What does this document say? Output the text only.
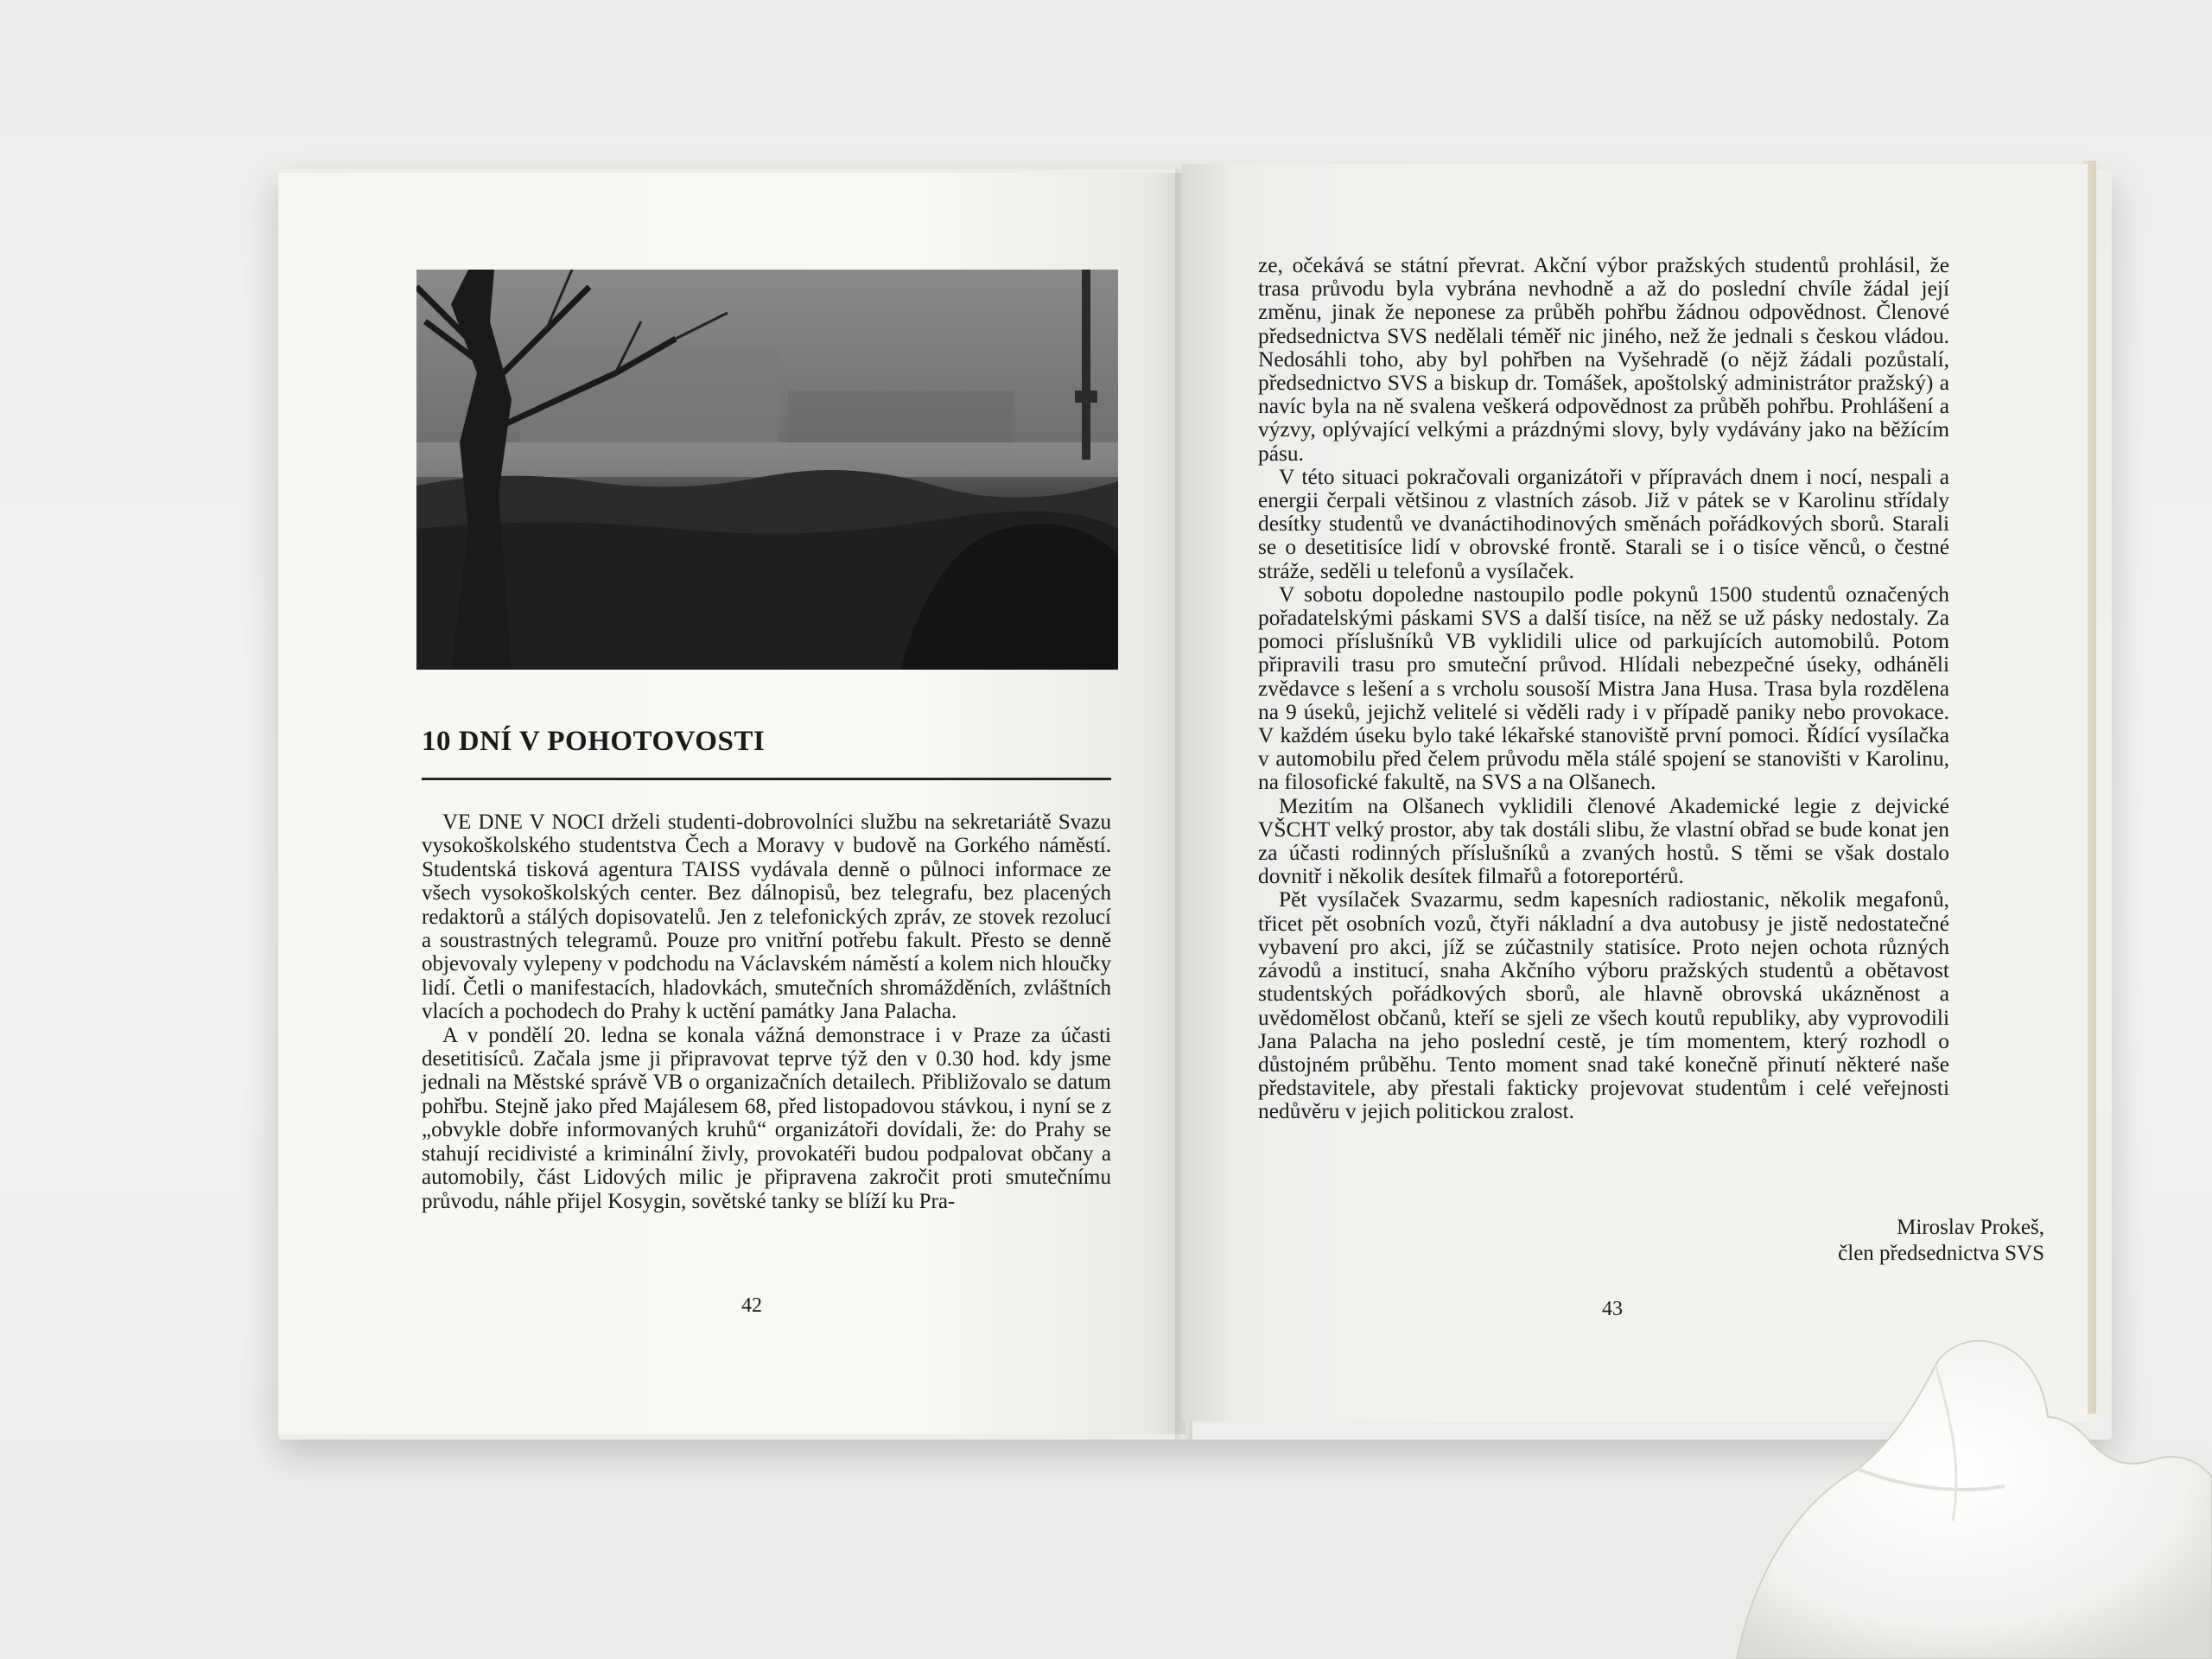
10 DNÍ V POHOTOVOSTI

VE DNE V NOCI drželi studenti-dobrovolníci službu na sekretariátě Svazu vysokoškolského studentstva Čech a Moravy v budově na Gorkého náměstí. Studentská tisková agentura TAISS vydávala denně o půlnoci informace ze všech vysokoškolských center. Bez dálnopisů, bez telegrafu, bez placených redaktorů a stálých dopisovatelů. Jen z telefonických zpráv, ze stovek rezolucí a soustrastných telegramů. Pouze pro vnitřní potřebu fakult. Přesto se denně objevovaly vylepeny v podchodu na Václavském náměstí a kolem nich hloučky lidí. Četli o manifestacích, hladovkách, smutečních shromážděních, zvláštních vlacích a pochodech do Prahy k uctění památky Jana Palacha.

A v pondělí 20. ledna se konala vážná demonstrace i v Praze za účasti desetitisíců. Začala jsme ji připravovat teprve týž den v 0.30 hod. kdy jsme jednali na Městské správě VB o organizačních detailech. Přibližovalo se datum pohřbu. Stejně jako před Majálesem 68, před listopadovou stávkou, i nyní se z „obvykle dobře informovaných kruhů“ organizátoři dovídali, že: do Prahy se stahují recidivisté a kriminální živly, provokatéři budou podpalovat občany a automobily, část Lidových milic je připravena zakročit proti smutečnímu průvodu, náhle přijel Kosygin, sovětské tanky se blíží ku Pra-

42

ze, očekává se státní převrat. Akční výbor pražských studentů prohlásil, že trasa průvodu byla vybrána nevhodně a až do poslední chvíle žádal její změnu, jinak že neponese za průběh pohřbu žádnou odpovědnost. Členové předsednictva SVS nedělali téměř nic jiného, než že jednali s českou vládou. Nedosáhli toho, aby byl pohřben na Vyšehradě (o nějž žádali pozůstalí, předsednictvo SVS a biskup dr. Tomášek, apoštolský administrátor pražský) a navíc byla na ně svalena veškerá odpovědnost za průběh pohřbu. Prohlášení a výzvy, oplývající velkými a prázdnými slovy, byly vydávány jako na běžícím pásu.

V této situaci pokračovali organizátoři v přípravách dnem i nocí, nespali a energii čerpali většinou z vlastních zásob. Již v pátek se v Karolinu střídaly desítky studentů ve dvanáctihodinových směnách pořádkových sborů. Starali se o desetitisíce lidí v obrovské frontě. Starali se i o tisíce věnců, o čestné stráže, seděli u telefonů a vysílaček.

V sobotu dopoledne nastoupilo podle pokynů 1500 studentů označených pořadatelskými páskami SVS a další tisíce, na něž se už pásky nedostaly. Za pomoci příslušníků VB vyklidili ulice od parkujících automobilů. Potom připravili trasu pro smuteční průvod. Hlídali nebezpečné úseky, odháněli zvědavce s lešení a s vrcholu sousoší Mistra Jana Husa. Trasa byla rozdělena na 9 úseků, jejichž velitelé si věděli rady i v případě paniky nebo provokace. V každém úseku bylo také lékařské stanoviště první pomoci. Řídící vysílačka v automobilu před čelem průvodu měla stálé spojení se stanovišti v Karolinu, na filosofické fakultě, na SVS a na Olšanech.

Mezitím na Olšanech vyklidili členové Akademické legie z dejvické VŠCHT velký prostor, aby tak dostáli slibu, že vlastní obřad se bude konat jen za účasti rodinných příslušníků a zvaných hostů. S těmi se však dostalo dovnitř i několik desítek filmařů a fotoreportérů.

Pět vysílaček Svazarmu, sedm kapesních radiostanic, několik megafonů, třicet pět osobních vozů, čtyři nákladní a dva autobusy je jistě nedostatečné vybavení pro akci, jíž se zúčastnily statisíce. Proto nejen ochota různých závodů a institucí, snaha Akčního výboru pražských studentů a obětavost studentských pořádkových sborů, ale hlavně obrovská ukázněnost a uvědomělost občanů, kteří se sjeli ze všech koutů republiky, aby vyprovodili Jana Palacha na jeho poslední cestě, je tím momentem, který rozhodl o důstojném průběhu. Tento moment snad také konečně přinutí některé naše představitele, aby přestali fakticky projevovat studentům i celé veřejnosti nedůvěru v jejich politickou zralost.

Miroslav Prokeš,
člen předsednictva SVS
43
